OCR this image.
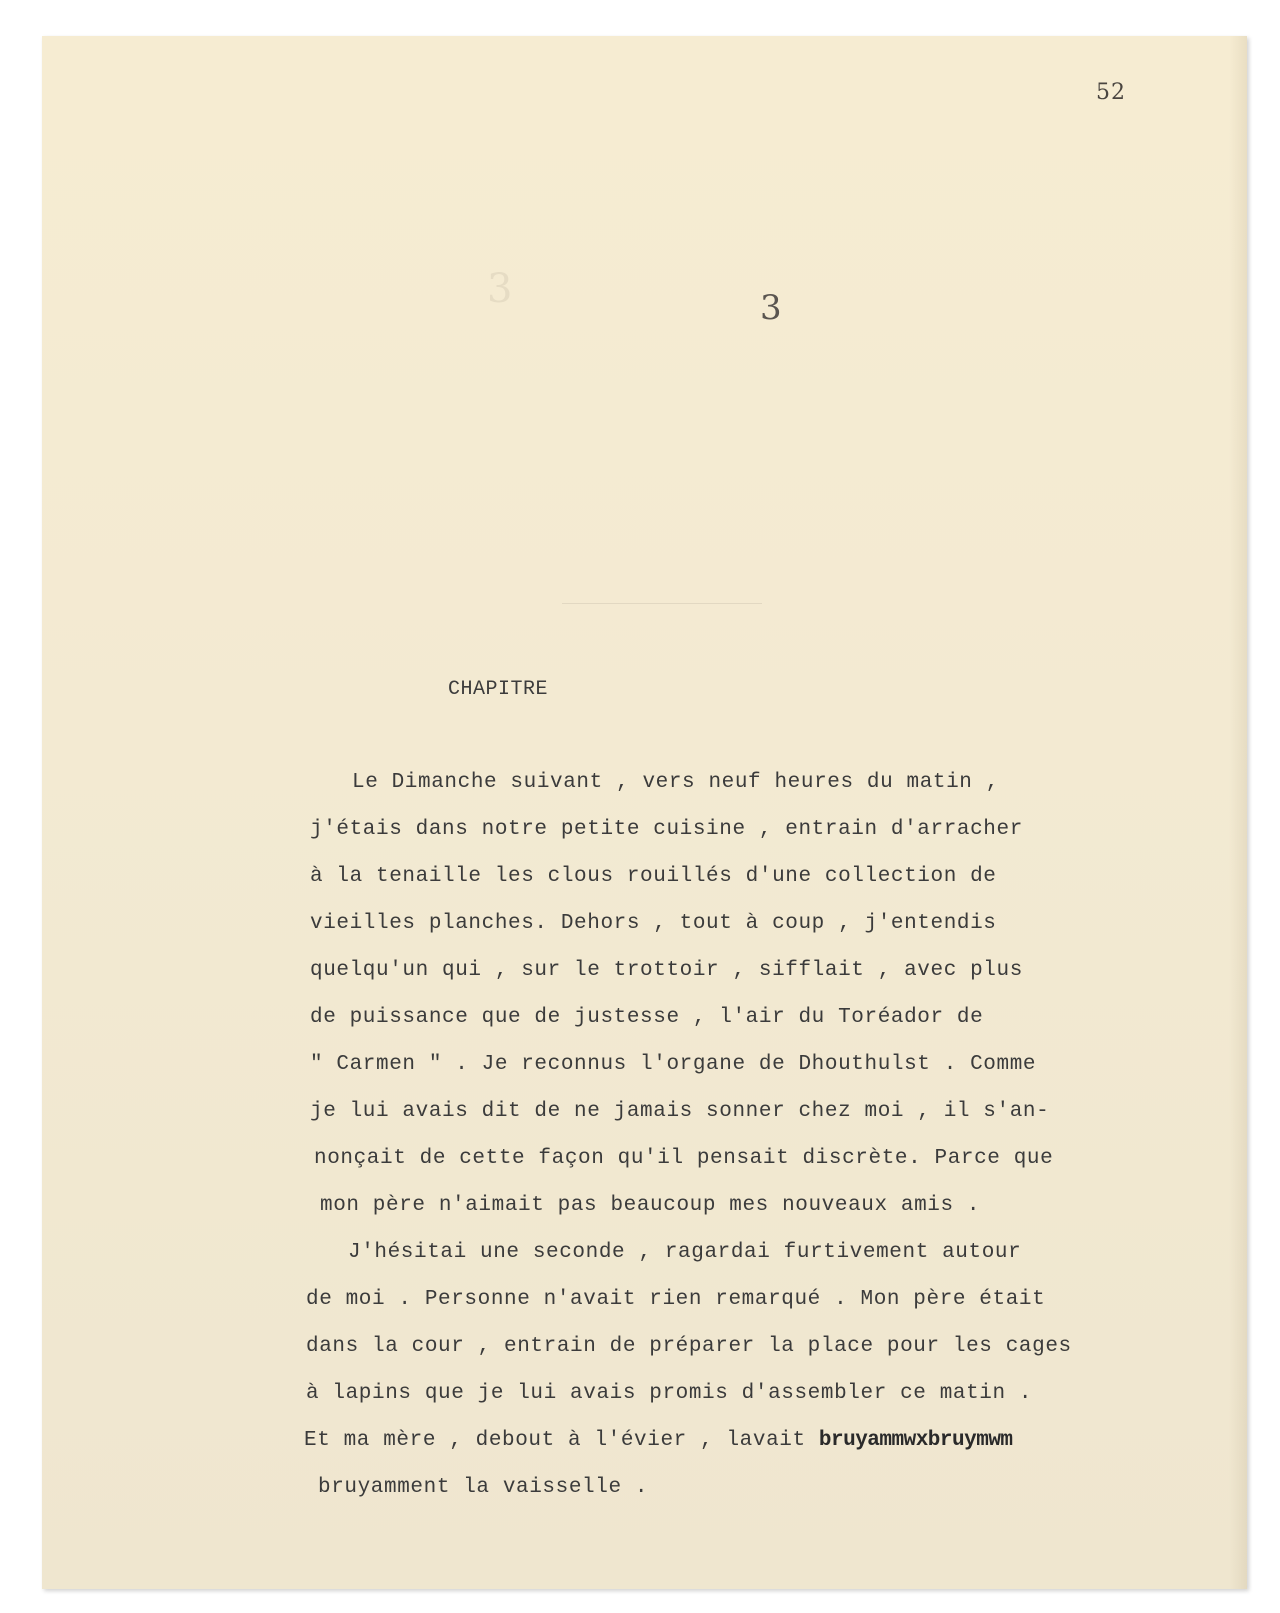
52
3	3
CHAPITRE
Le Dimanche suivant , vers neuf heures du matin ,
j'étais dans notre petite cuisine , entrain d'arracher
à la tenaille les clous rouillés d'une collection de
vieilles planches. Dehors , tout à coup , j'entendis
quelqu'un qui , sur le trottoir , sifflait , avec plus
de puissance que de justesse , l'air du Toréador de
" Carmen " . Je reconnus l'organe de Dhouthulst . Comme
je lui avais dit de ne jamais sonner chez moi , il s'an-
nonçait de cette façon qu'il pensait discrète. Parce que
mon père n'aimait pas beaucoup mes nouveaux amis .
J'hésitai une seconde , ragardai furtivement autour
de moi . Personne n'avait rien remarqué . Mon père était
dans la cour , entrain de préparer la place pour les cages
à lapins que je lui avais promis d'assembler ce matin .
Et ma mère , debout à l'évier , lavait bruyammwxbruymwm
bruyamment la vaisselle .
